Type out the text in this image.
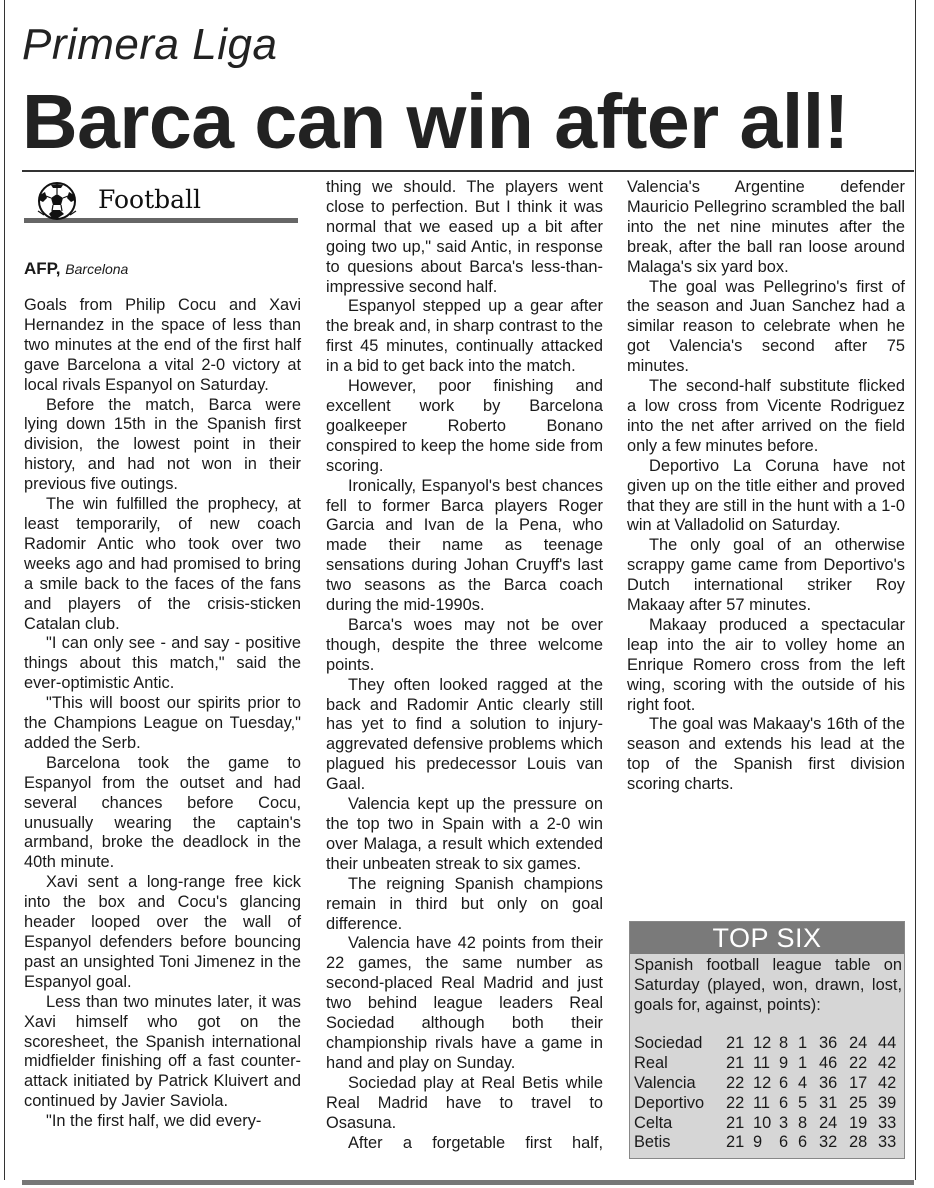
Primera Liga
Barca can win after all!
Football
AFP, Barcelona

Goals from Philip Cocu and Xavi Hernandez in the space of less than two minutes at the end of the first half gave Barcelona a vital 2-0 victory at local rivals Espanyol on Saturday.

Before the match, Barca were lying down 15th in the Spanish first division, the lowest point in their history, and had not won in their previous five outings.

The win fulfilled the prophecy, at least temporarily, of new coach Radomir Antic who took over two weeks ago and had promised to bring a smile back to the faces of the fans and players of the crisis-sticken Catalan club.

"I can only see - and say - positive things about this match," said the ever-optimistic Antic.

"This will boost our spirits prior to the Champions League on Tuesday," added the Serb.

Barcelona took the game to Espanyol from the outset and had several chances before Cocu, unusually wearing the captain's armband, broke the deadlock in the 40th minute.

Xavi sent a long-range free kick into the box and Cocu's glancing header looped over the wall of Espanyol defenders before bouncing past an unsighted Toni Jimenez in the Espanyol goal.

Less than two minutes later, it was Xavi himself who got on the scoresheet, the Spanish international midfielder finishing off a fast counter-attack initiated by Patrick Kluivert and continued by Javier Saviola.

"In the first half, we did every-

thing we should. The players went close to perfection. But I think it was normal that we eased up a bit after going two up," said Antic, in response to quesions about Barca's less-than-impressive second half.

Espanyol stepped up a gear after the break and, in sharp contrast to the first 45 minutes, continually attacked in a bid to get back into the match.

However, poor finishing and excellent work by Barcelona goalkeeper Roberto Bonano conspired to keep the home side from scoring.

Ironically, Espanyol's best chances fell to former Barca players Roger Garcia and Ivan de la Pena, who made their name as teenage sensations during Johan Cruyff's last two seasons as the Barca coach during the mid-1990s.

Barca's woes may not be over though, despite the three welcome points.

They often looked ragged at the back and Radomir Antic clearly still has yet to find a solution to injury-aggrevated defensive problems which plagued his predecessor Louis van Gaal.

Valencia kept up the pressure on the top two in Spain with a 2-0 win over Malaga, a result which extended their unbeaten streak to six games.

The reigning Spanish champions remain in third but only on goal difference.

Valencia have 42 points from their 22 games, the same number as second-placed Real Madrid and just two behind league leaders Real Sociedad although both their championship rivals have a game in hand and play on Sunday.

Sociedad play at Real Betis while Real Madrid have to travel to Osasuna.

After a forgetable first half,

Valencia's Argentine defender Mauricio Pellegrino scrambled the ball into the net nine minutes after the break, after the ball ran loose around Malaga's six yard box.

The goal was Pellegrino's first of the season and Juan Sanchez had a similar reason to celebrate when he got Valencia's second after 75 minutes.

The second-half substitute flicked a low cross from Vicente Rodriguez into the net after arrived on the field only a few minutes before.

Deportivo La Coruna have not given up on the title either and proved that they are still in the hunt with a 1-0 win at Valladolid on Saturday.

The only goal of an otherwise scrappy game came from Deportivo's Dutch international striker Roy Makaay after 57 minutes.

Makaay produced a spectacular leap into the air to volley home an Enrique Romero cross from the left wing, scoring with the outside of his right foot.

The goal was Makaay's 16th of the season and extends his lead at the top of the Spanish first division scoring charts.

TOP SIX
Spanish football league table on Saturday (played, won, drawn, lost, goals for, against, points):
Sociedad 21 12 8 1 36 24 44
Real	21 11 9 1 46 22 42
Valencia 22 12 6 4 36 17 42
Deportivo 22 11 6 5 31 25 39
Celta	21 10 3 8 24 19 33
Betis	21 9 6 6 32 28 33
